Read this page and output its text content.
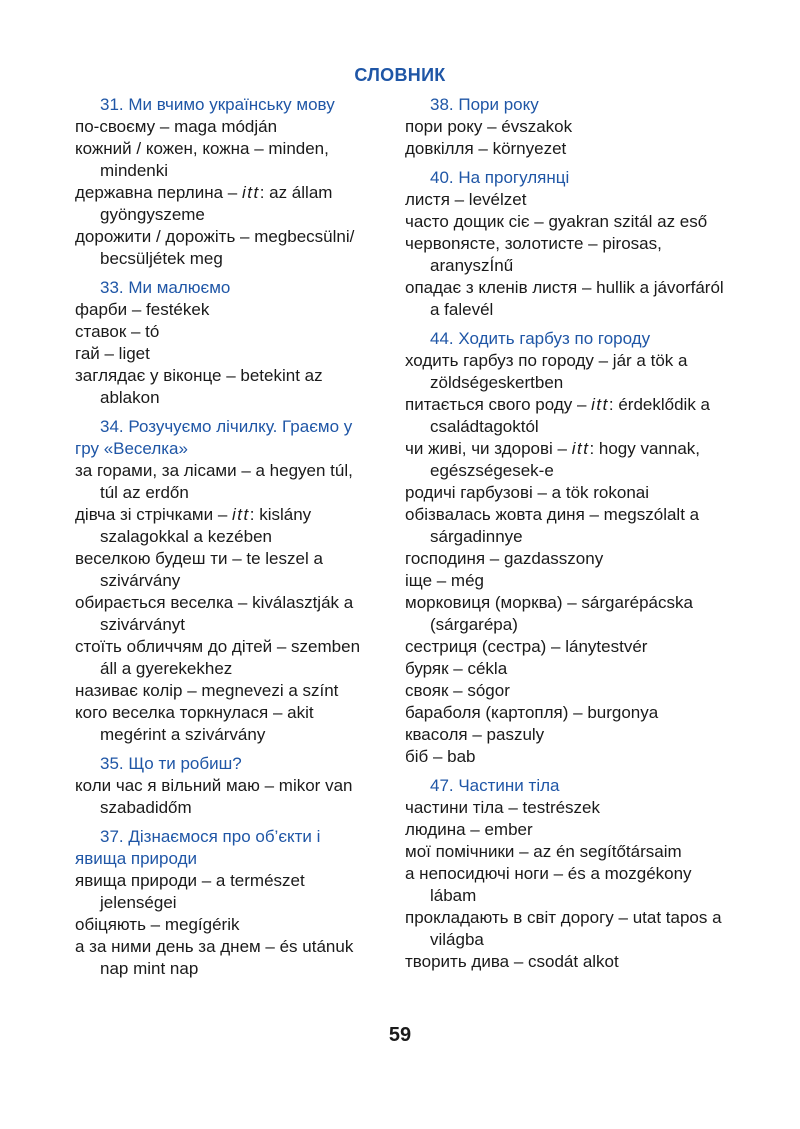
СЛОВНИК
31. Ми вчимо українську мову
по-своєму – maga módján
кожний / кожен, кожна – minden, mindenki
державна перлина – itt: az állam gyöngyszeme
дорожити / дорожіть – megbecsülni/ becsüljétek meg
33. Ми малюємо
фарби – festékek
ставок – tó
гай – liget
заглядає у віконце – betekint az ablakon
34. Розучуємо лічилку. Граємо у гру «Веселка»
за горами, за лісами – a hegyen túl, túl az erdőn
дівча зі стрічками – itt: kislány szalagokkal a kezében
веселкою будеш ти – te leszel a szivárvány
обирається веселка – kiválasztják a szivárványt
стоїть обличчям до дітей – szemben áll a gyerekekhez
називає колір – megnevezi a színt
кого веселка торкнулася – akit megérint a szivárvány
35. Що ти робиш?
коли час я вільний маю – mikor van szabadidőm
37. Дізнаємося про об’єкти і явища природи
явища природи – a természet jelenségei
обіцяють – megígérik
а за ними день за днем – és utánuk nap mint nap
38. Пори року
пори року – évszakok
довкілля – környezet
40. На прогулянці
листя – levélzet
часто дощик сіє – gyakran szitál az eső
червоnясте, золотисте – pirosas, aranyszÍnű
опадає з кленів листя – hullik a jávorfáról a falevél
44. Ходить гарбуз по городу
ходить гарбуз по городу – jár a tök a zöldségeskertben
питається свого роду – itt: érdeklődik a családtagoktól
чи живі, чи здорові – itt: hogy vannak, egészségesek-e
родичі гарбузові – a tök rokonai
обізвалась жовта диня – megszólalt a sárgadinnye
господиня – gazdasszony
іще – még
морковиця (морква) – sárgarépácska (sárgarépa)
сестриця (сестра) – lánytestvér
буряк – cékla
свояк – sógor
бараболя (картопля) – burgonya
квасоля – paszuly
біб – bab
47. Частини тіла
частини тіла – testrészek
людина – ember
мої помічники – az én segítőtársaim
а непосидючі ноги – és a mozgékony lábam
прокладають в світ дорогу – utat tapos a világba
творить дива – csodát alkot
59
